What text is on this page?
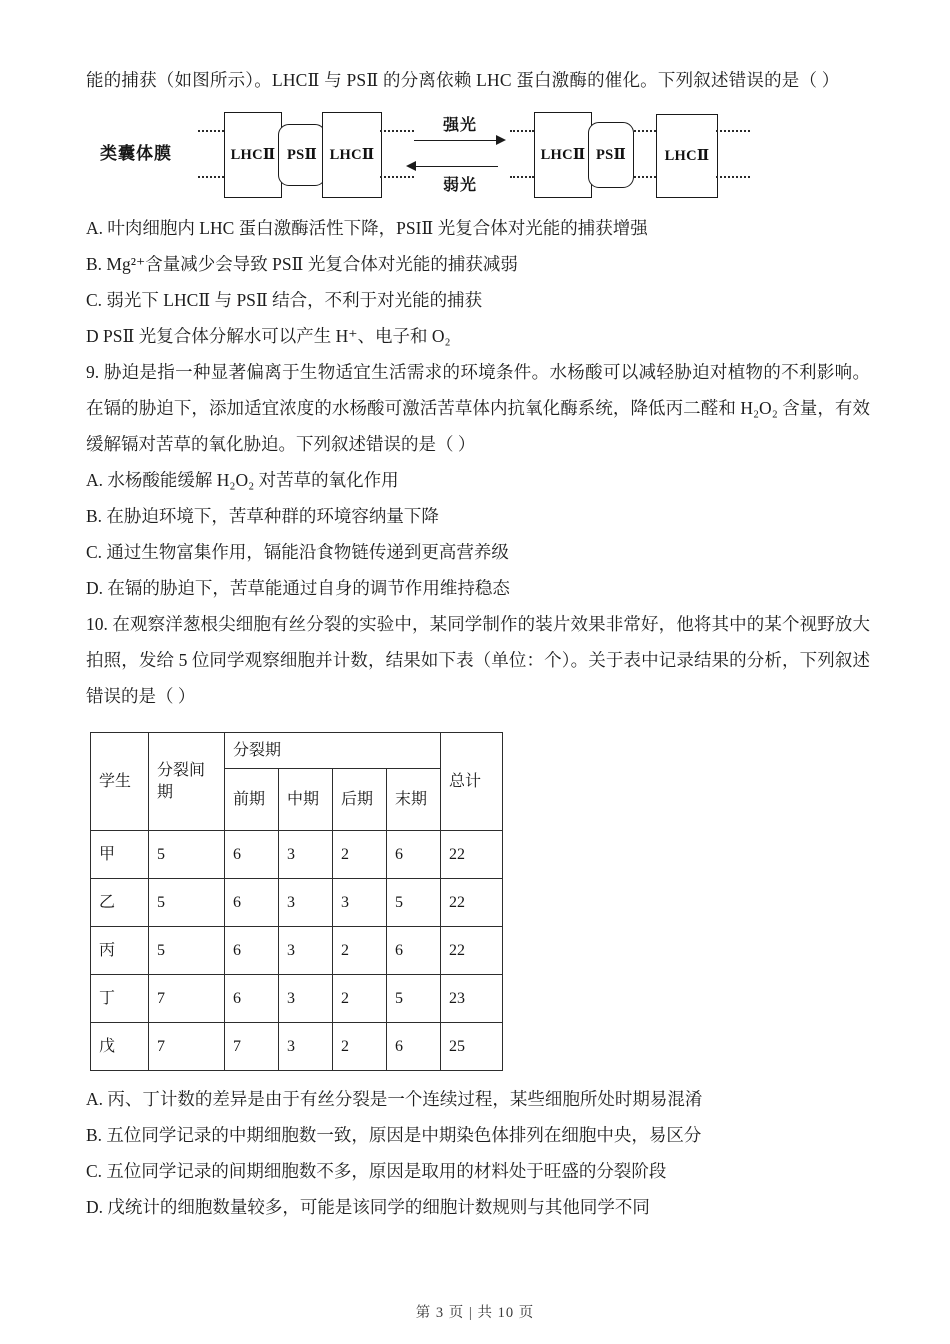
能的捕获（如图所示）。LHCⅡ 与 PSⅡ 的分离依赖 LHC 蛋白激酶的催化。下列叙述错误的是（ ）

类囊体膜	LHCⅡ PSⅡ LHCⅡ
强光
弱光
LHCⅡ PSⅡ	LHCⅡ

A. 叶肉细胞内 LHC 蛋白激酶活性下降，PSIⅡ 光复合体对光能的捕获增强

B. Mg²⁺含量减少会导致 PSⅡ 光复合体对光能的捕获减弱

C. 弱光下 LHCⅡ 与 PSⅡ 结合，不利于对光能的捕获

D PSⅡ 光复合体分解水可以产生 H⁺、电子和 O₂

9. 胁迫是指一种显著偏离于生物适宜生活需求的环境条件。水杨酸可以减轻胁迫对植物的不利影响。在镉的胁迫下，添加适宜浓度的水杨酸可激活苦草体内抗氧化酶系统，降低丙二醛和 H₂O₂ 含量，有效缓解镉对苦草的氧化胁迫。下列叙述错误的是（ ）

A. 水杨酸能缓解 H₂O₂ 对苦草的氧化作用

B. 在胁迫环境下，苦草种群的环境容纳量下降

C. 通过生物富集作用，镉能沿食物链传递到更高营养级

D. 在镉的胁迫下，苦草能通过自身的调节作用维持稳态

10. 在观察洋葱根尖细胞有丝分裂的实验中，某同学制作的装片效果非常好，他将其中的某个视野放大拍照，发给 5 位同学观察细胞并计数，结果如下表（单位：个）。关于表中记录结果的分析，下列叙述错误的是（ ）

学生	分裂间期	分裂期				总计
		前期	中期	后期	末期	
甲	5	6	3	2	6	22
乙	5	6	3	3	5	22
丙	5	6	3	2	6	22
丁	7	6	3	2	5	23
戊	7	7	3	2	6	25

A. 丙、丁计数的差异是由于有丝分裂是一个连续过程，某些细胞所处时期易混淆

B. 五位同学记录的中期细胞数一致，原因是中期染色体排列在细胞中央，易区分

C. 五位同学记录的间期细胞数不多，原因是取用的材料处于旺盛的分裂阶段

D. 戊统计的细胞数量较多，可能是该同学的细胞计数规则与其他同学不同

第 3 页 | 共 10 页
